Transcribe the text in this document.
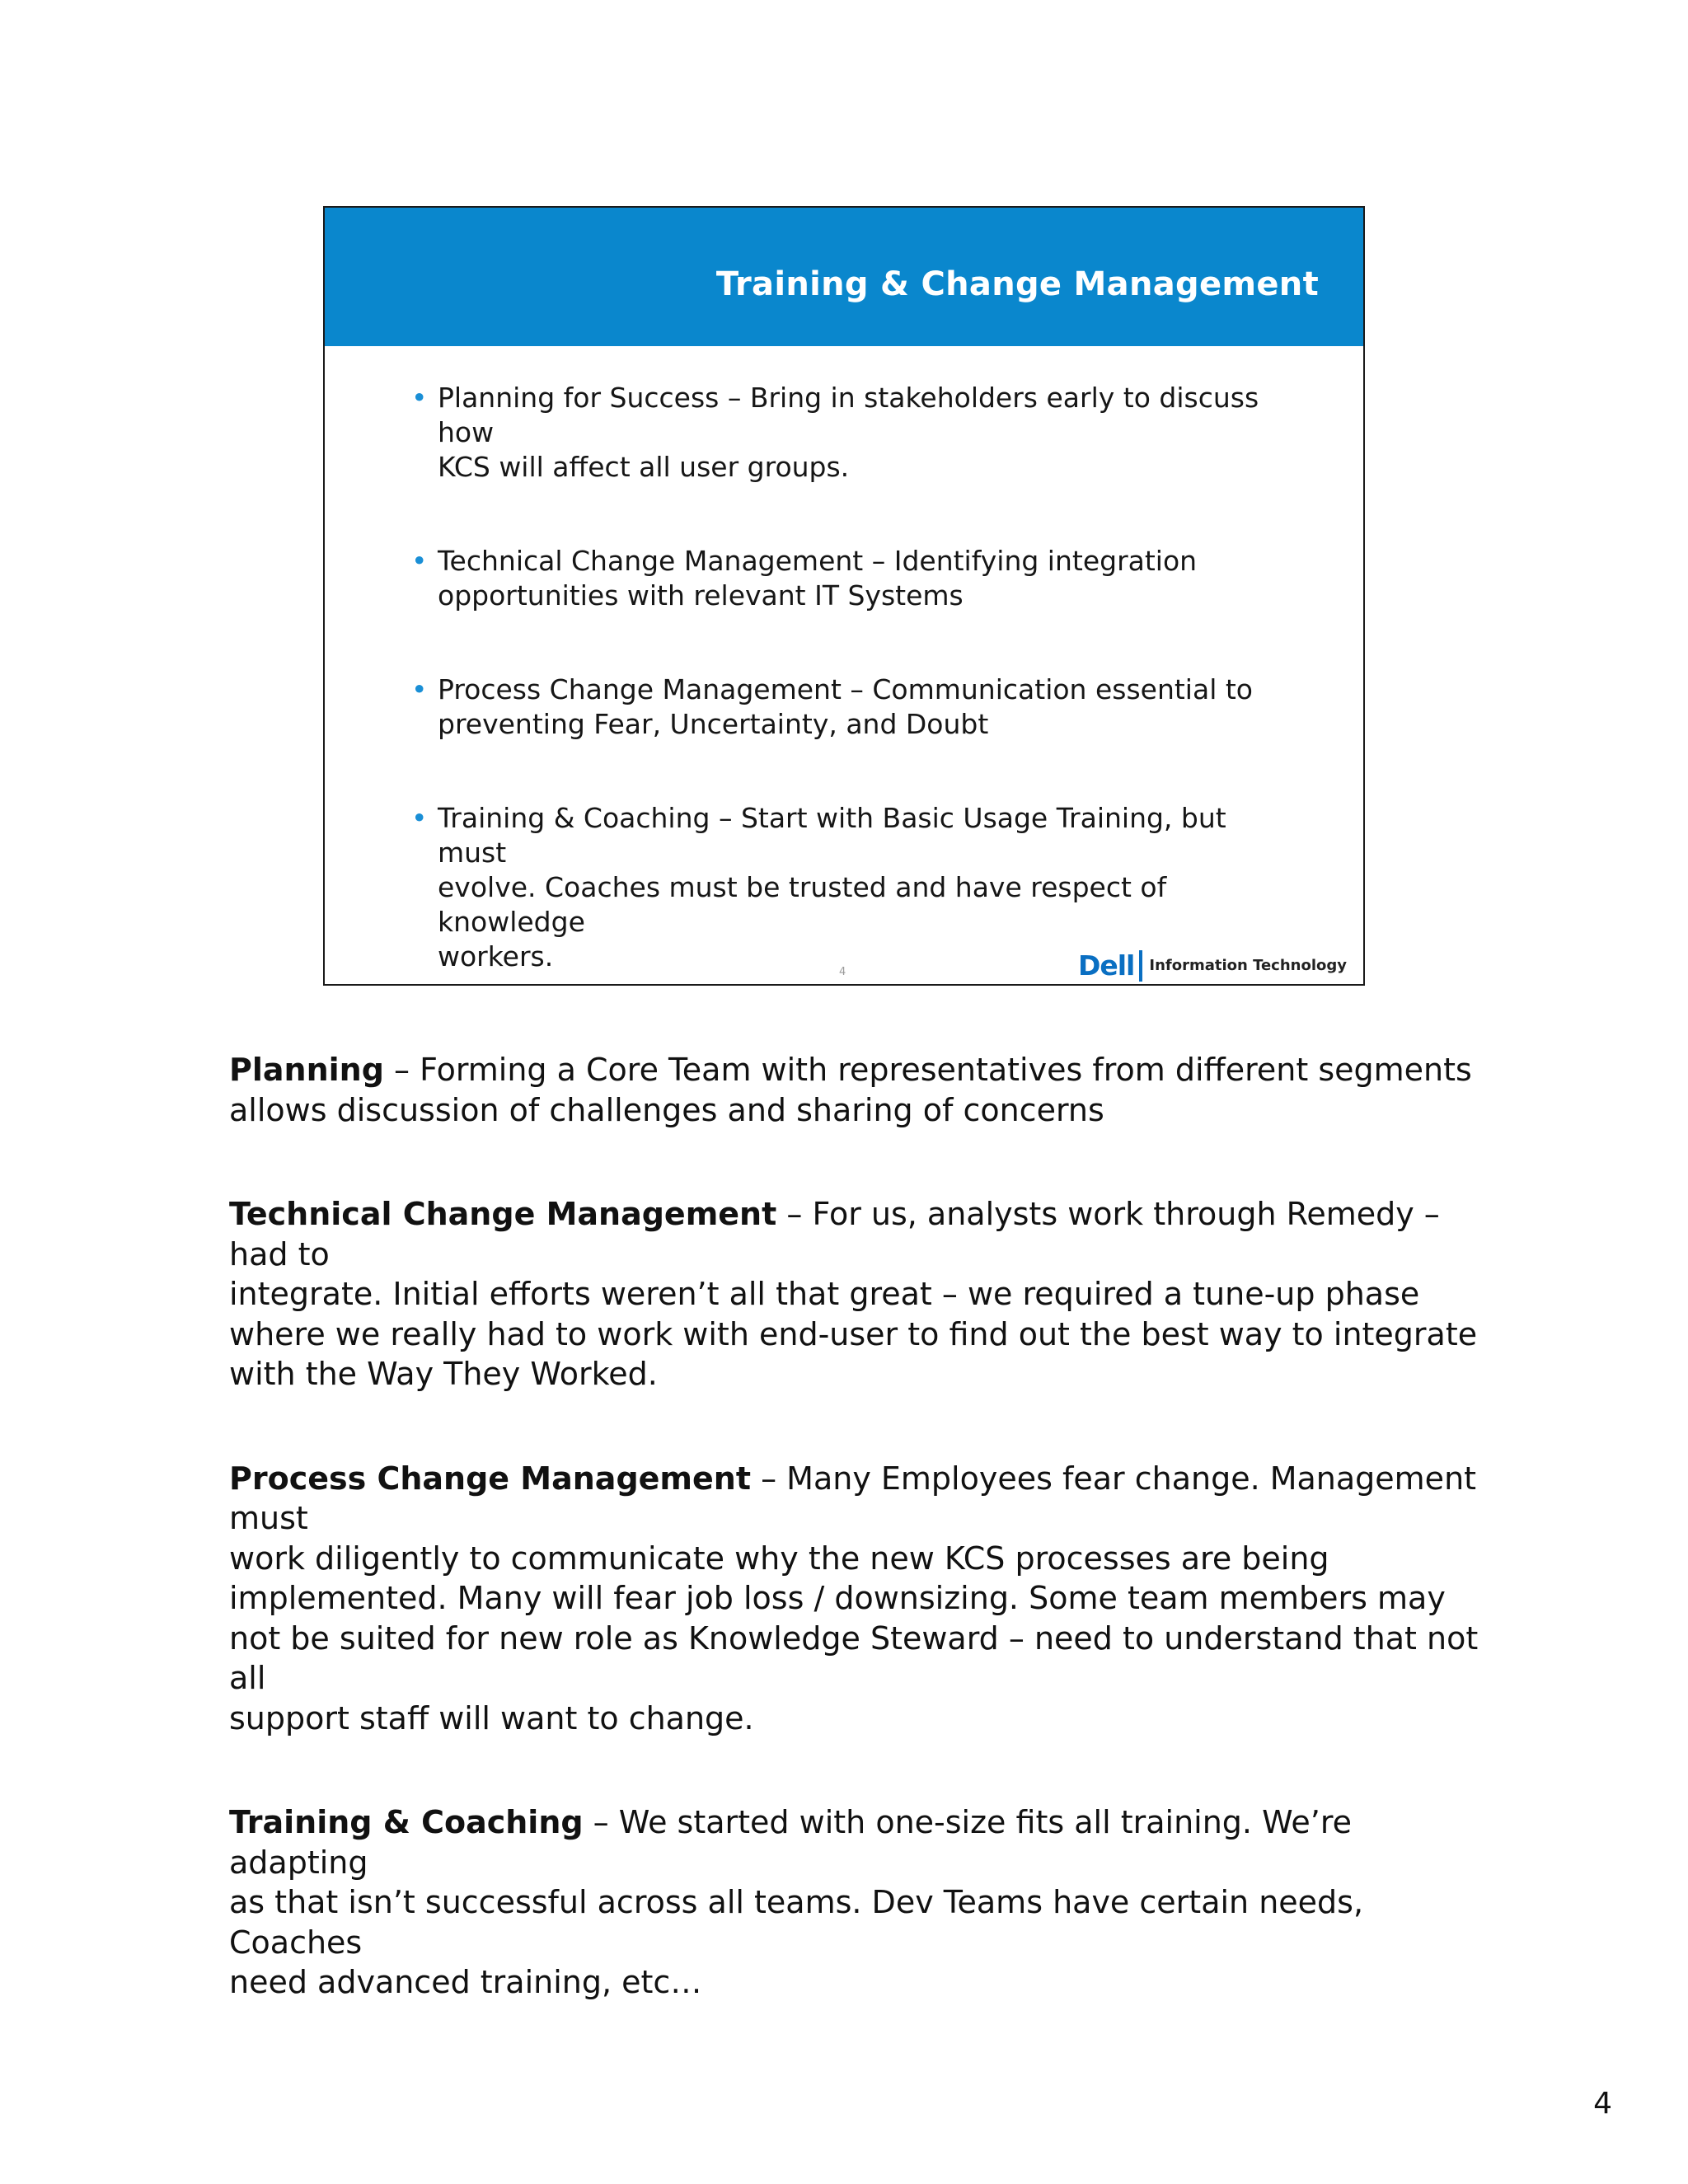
Training & Change Management
• Planning for Success – Bring in stakeholders early to discuss how
KCS will affect all user groups.
• Technical Change Management – Identifying integration
opportunities with relevant IT Systems
• Process Change Management – Communication essential to
preventing Fear, Uncertainty, and Doubt
• Training & Coaching – Start with Basic Usage Training, but must
evolve. Coaches must be trusted and have respect of knowledge
workers.	4	Dell Information Technology

Planning – Forming a Core Team with representatives from different segments
allows discussion of challenges and sharing of concerns

Technical Change Management – For us, analysts work through Remedy – had to
integrate. Initial efforts weren’t all that great – we required a tune-up phase
where we really had to work with end-user to find out the best way to integrate
with the Way They Worked.

Process Change Management – Many Employees fear change. Management must
work diligently to communicate why the new KCS processes are being
implemented. Many will fear job loss / downsizing. Some team members may
not be suited for new role as Knowledge Steward – need to understand that not all
support staff will want to change.

Training & Coaching – We started with one-size fits all training. We’re adapting
as that isn’t successful across all teams. Dev Teams have certain needs, Coaches
need advanced training, etc…

4
